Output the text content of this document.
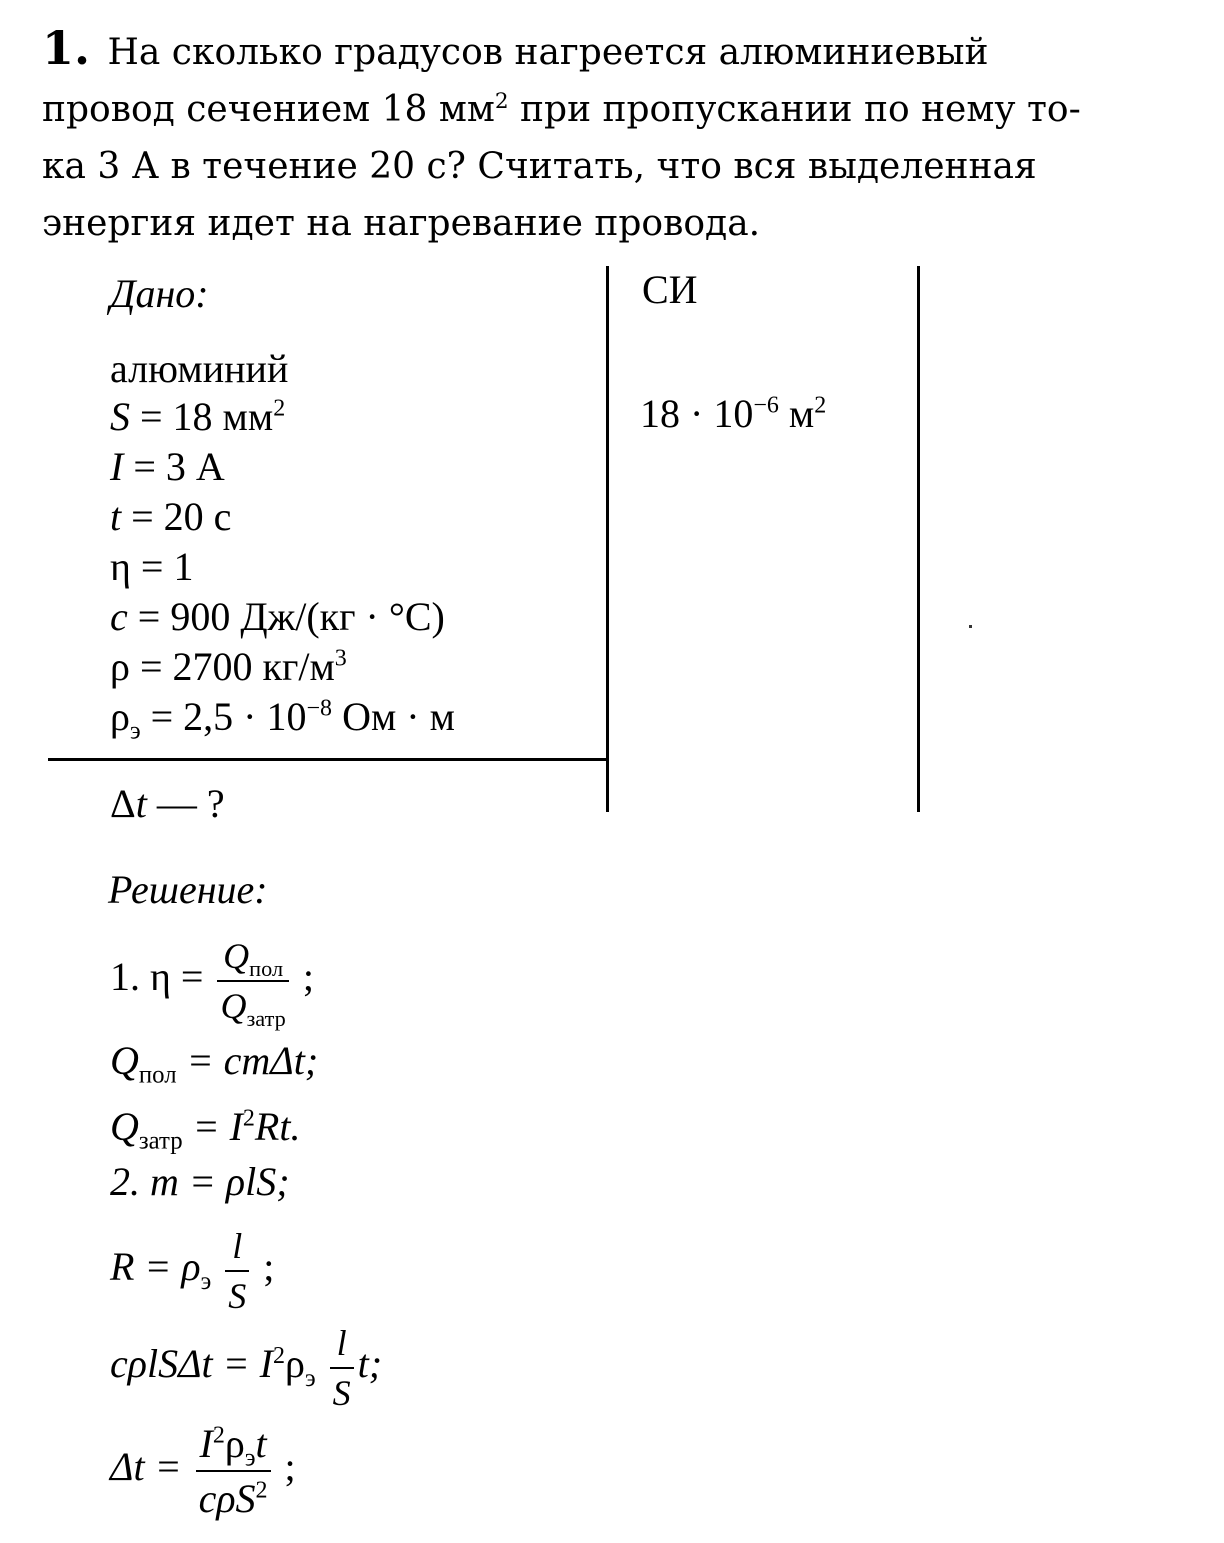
1. На сколько градусов нагреется алюминиевый
провод сечением 18 $мм^2$ при пропускании по нему то-
ка 3 А в течение 20 с? Считать, что вся выделенная
энергия идет на нагревание провода.
Дано:
алюминий
S = 18 $мм^2$
I = 3 А
t = 20 с
η = 1
c = 900 Дж/(кг · °С)
ρ = 2700 $кг/м^3$
$\rho_э = 2,5 \cdot 10^{-8}$ Ом · м
Δt — ?
СИ
$18 \cdot 10^{-6}$ $м^2$
Решение:
1. $\eta = \frac{Q_{пол}}{Q_{затр}}$ ;
$Q_{пол} = cm\Delta t$;
$Q_{затр} = I^2Rt$.
2. m = ρlS;
$R = \rho_э \frac{l}{S}$ ;
$c\rho lS\Delta t = I^2\rho_э \frac{l}{S} t$;
$\Delta t = \frac{I^2\rho_эt}{c\rho S^2}$ ;
